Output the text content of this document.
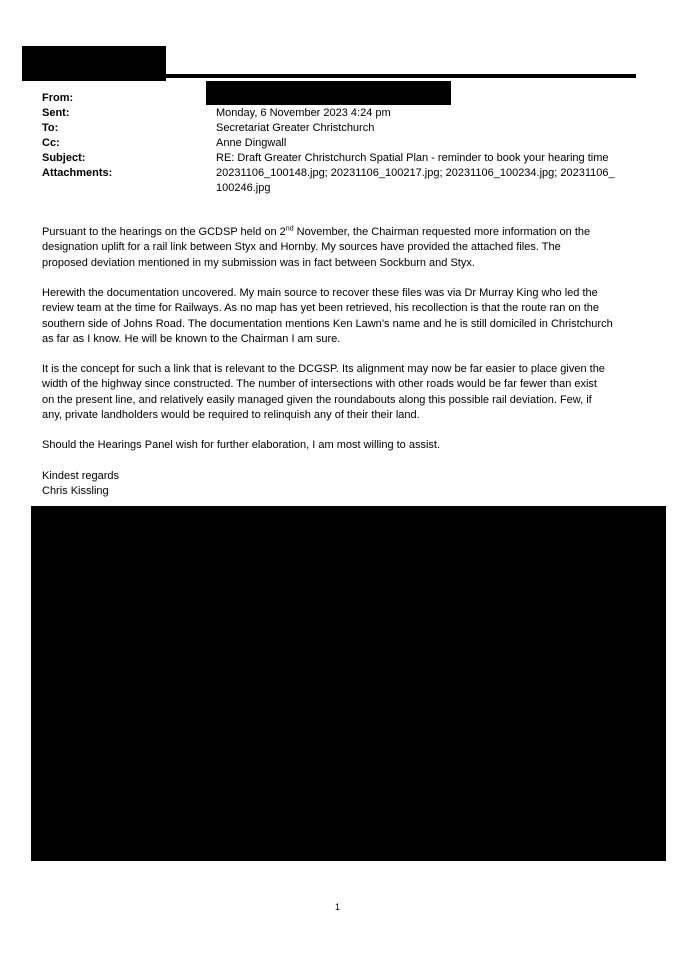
From:
Sent:	Monday, 6 November 2023 4:24 pm
To:	Secretariat Greater Christchurch
Cc:	Anne Dingwall
Subject:	RE: Draft Greater Christchurch Spatial Plan - reminder to book your hearing time
Attachments:	20231106_100148.jpg; 20231106_100217.jpg; 20231106_100234.jpg; 20231106_
100246.jpg
Pursuant to the hearings on the GCDSP held on 2nd November, the Chairman requested more information on the
designation uplift for a rail link between Styx and Hornby. My sources have provided the attached files. The
proposed deviation mentioned in my submission was in fact between Sockburn and Styx.
Herewith the documentation uncovered. My main source to recover these files was via Dr Murray King who led the
review team at the time for Railways. As no map has yet been retrieved, his recollection is that the route ran on the
southern side of Johns Road. The documentation mentions Ken Lawn’s name and he is still domiciled in Christchurch
as far as I know. He will be known to the Chairman I am sure.
It is the concept for such a link that is relevant to the DCGSP. Its alignment may now be far easier to place given the
width of the highway since constructed. The number of intersections with other roads would be far fewer than exist
on the present line, and relatively easily managed given the roundabouts along this possible rail deviation. Few, if
any, private landholders would be required to relinquish any of their their land.
Should the Hearings Panel wish for further elaboration, I am most willing to assist.
Kindest regards
Chris Kissling
1
